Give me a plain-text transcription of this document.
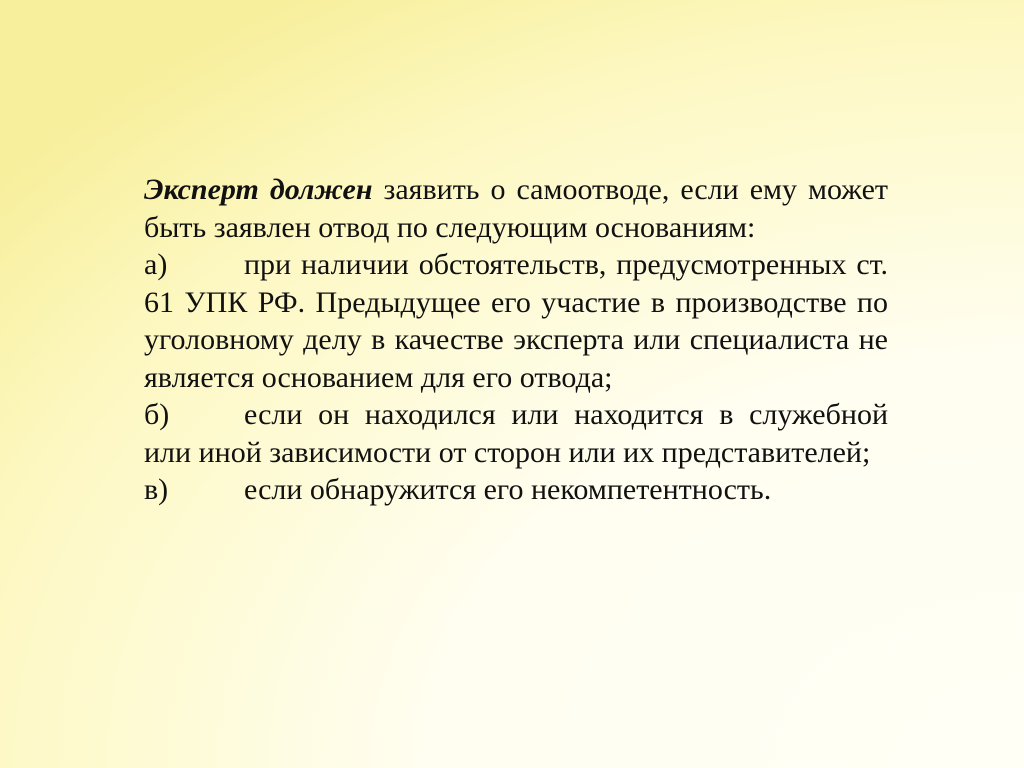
Эксперт должен заявить о самоотводе, если ему может быть заявлен отвод по следующим основаниям:

а)	при наличии обстоятельств, предусмотренных ст. 61 УПК РФ. Предыдущее его участие в производстве по уголовному делу в качестве эксперта или специалиста не является основанием для его отвода;

б) если он находился или находится в служебной или иной зависимости от сторон или их представителей;

в)	если обнаружится его некомпетентность.
